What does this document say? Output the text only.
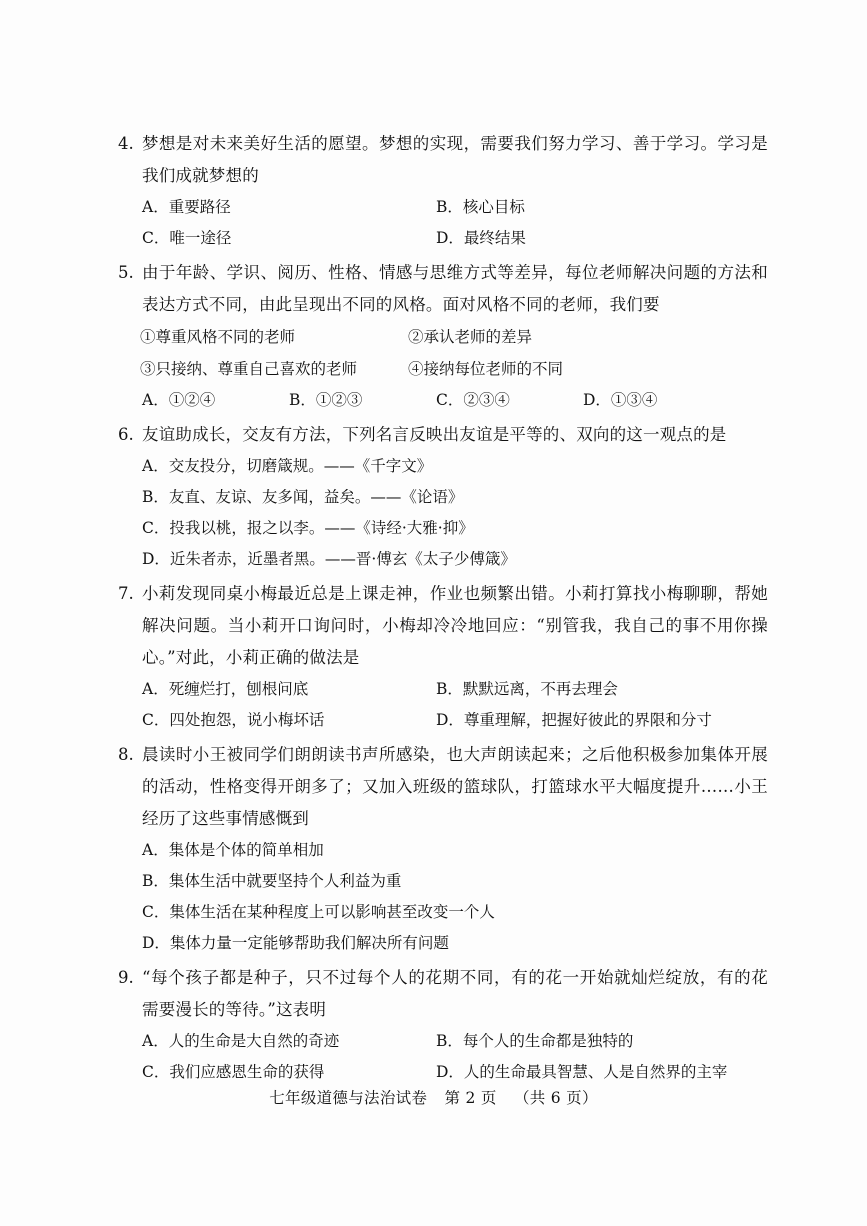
4. 梦想是对未来美好生活的愿望。梦想的实现，需要我们努力学习、善于学习。学习是我们成就梦想的
A．重要路径	B．核心目标
C．唯一途径	D．最终结果
5. 由于年龄、学识、阅历、性格、情感与思维方式等差异，每位老师解决问题的方法和表达方式不同，由此呈现出不同的风格。面对风格不同的老师，我们要
①尊重风格不同的老师	②承认老师的差异
③只接纳、尊重自己喜欢的老师	④接纳每位老师的不同
A．①②④	B．①②③	C．②③④	D．①③④
6. 友谊助成长，交友有方法，下列名言反映出友谊是平等的、双向的这一观点的是
A．交友投分，切磨箴规。——《千字文》
B．友直、友谅、友多闻，益矣。——《论语》
C．投我以桃，报之以李。——《诗经·大雅·抑》
D．近朱者赤，近墨者黑。——晋·傅玄《太子少傅箴》
7. 小莉发现同桌小梅最近总是上课走神，作业也频繁出错。小莉打算找小梅聊聊，帮她解决问题。当小莉开口询问时，小梅却冷冷地回应：“别管我，我自己的事不用你操心。”对此，小莉正确的做法是
A．死缠烂打，刨根问底	B．默默远离，不再去理会
C．四处抱怨，说小梅坏话	D．尊重理解，把握好彼此的界限和分寸
8. 晨读时小王被同学们朗朗读书声所感染，也大声朗读起来；之后他积极参加集体开展的活动，性格变得开朗多了；又加入班级的篮球队，打篮球水平大幅度提升……小王经历了这些事情感慨到
A．集体是个体的简单相加
B．集体生活中就要坚持个人利益为重
C．集体生活在某种程度上可以影响甚至改变一个人
D．集体力量一定能够帮助我们解决所有问题
9. “每个孩子都是种子，只不过每个人的花期不同，有的花一开始就灿烂绽放，有的花需要漫长的等待。”这表明
A．人的生命是大自然的奇迹	B．每个人的生命都是独特的
C．我们应感恩生命的获得	D．人的生命最具智慧、人是自然界的主宰
七年级道德与法治试卷 第 2 页 （共 6 页）
